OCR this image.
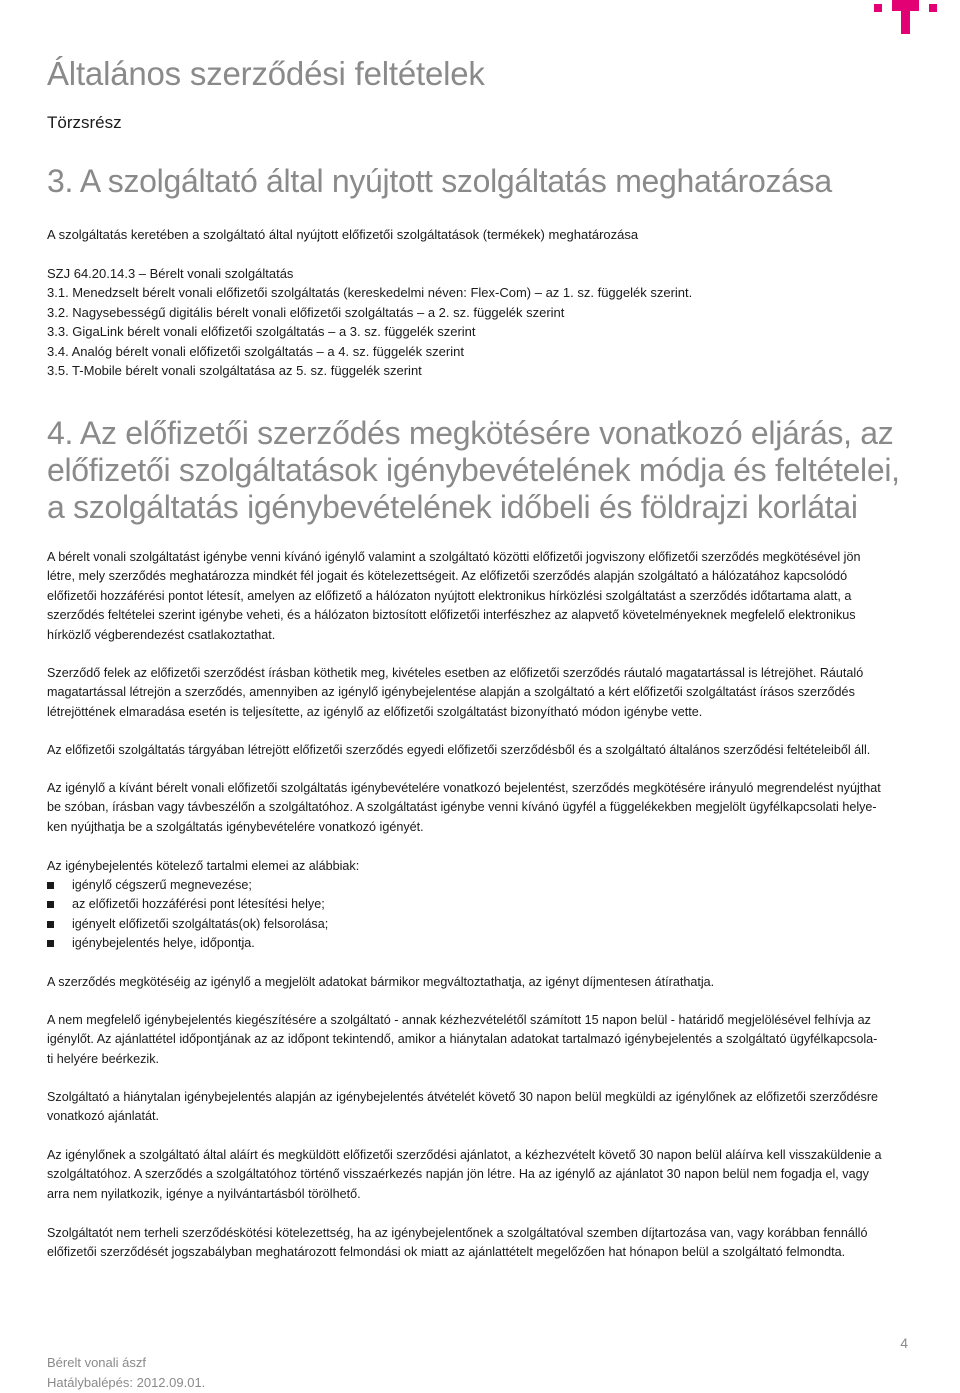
Általános szerződési feltételek
Törzsrész
3. A szolgáltató által nyújtott szolgáltatás meghatározása
A szolgáltatás keretében a szolgáltató által nyújtott előfizetői szolgáltatások (termékek) meghatározása
SZJ 64.20.14.3 – Bérelt vonali szolgáltatás
3.1. Menedzselt bérelt vonali előfizetői szolgáltatás (kereskedelmi néven: Flex-Com) – az 1. sz. függelék szerint.
3.2. Nagysebességű digitális bérelt vonali előfizetői szolgáltatás – a 2. sz. függelék szerint
3.3. GigaLink bérelt vonali előfizetői szolgáltatás – a 3. sz. függelék szerint
3.4. Analóg bérelt vonali előfizetői szolgáltatás – a 4. sz. függelék szerint
3.5. T-Mobile bérelt vonali szolgáltatása az 5. sz. függelék szerint
4. Az előfizetői szerződés megkötésére vonatkozó eljárás, az
előfizetői szolgáltatások igénybevételének módja és feltételei,
a szolgáltatás igénybevételének időbeli és földrajzi korlátai
A bérelt vonali szolgáltatást igénybe venni kívánó igénylő valamint a szolgáltató közötti előfizetői jogviszony előfizetői szerződés megkötésével jön
létre, mely szerződés meghatározza mindkét fél jogait és kötelezettségeit. Az előfizetői szerződés alapján szolgáltató a hálózatához kapcsolódó
előfizetői hozzáférési pontot létesít, amelyen az előfizető a hálózaton nyújtott elektronikus hírközlési szolgáltatást a szerződés időtartama alatt, a
szerződés feltételei szerint igénybe veheti, és a hálózaton biztosított előfizetői interfészhez az alapvető követelményeknek megfelelő elektronikus
hírközlő végberendezést csatlakoztathat.
Szerződő felek az előfizetői szerződést írásban köthetik meg, kivételes esetben az előfizetői szerződés ráutaló magatartással is létrejöhet. Ráutaló
magatartással létrejön a szerződés, amennyiben az igénylő igénybejelentése alapján a szolgáltató a kért előfizetői szolgáltatást írásos szerződés
létrejöttének elmaradása esetén is teljesítette, az igénylő az előfizetői szolgáltatást bizonyítható módon igénybe vette.
Az előfizetői szolgáltatás tárgyában létrejött előfizetői szerződés egyedi előfizetői szerződésből és a szolgáltató általános szerződési feltételeiből áll.
Az igénylő a kívánt bérelt vonali előfizetői szolgáltatás igénybevételére vonatkozó bejelentést, szerződés megkötésére irányuló megrendelést nyújthat
be szóban, írásban vagy távbeszélőn a szolgáltatóhoz. A szolgáltatást igénybe venni kívánó ügyfél a függelékekben megjelölt ügyfélkapcsolati helye-
ken nyújthatja be a szolgáltatás igénybevételére vonatkozó igényét.
Az igénybejelentés kötelező tartalmi elemei az alábbiak:
igénylő cégszerű megnevezése;
az előfizetői hozzáférési pont létesítési helye;
igényelt előfizetői szolgáltatás(ok) felsorolása;
igénybejelentés helye, időpontja.
A szerződés megkötéséig az igénylő a megjelölt adatokat bármikor megváltoztathatja, az igényt díjmentesen átírathatja.
A nem megfelelő igénybejelentés kiegészítésére a szolgáltató - annak kézhezvételétől számított 15 napon belül - határidő megjelölésével felhívja az
igénylőt. Az ajánlattétel időpontjának az az időpont tekintendő, amikor a hiánytalan adatokat tartalmazó igénybejelentés a szolgáltató ügyfélkapcsola-
ti helyére beérkezik.
Szolgáltató a hiánytalan igénybejelentés alapján az igénybejelentés átvételét követő 30 napon belül megküldi az igénylőnek az előfizetői szerződésre
vonatkozó ajánlatát.
Az igénylőnek a szolgáltató által aláírt és megküldött előfizetői szerződési ajánlatot, a kézhezvételt követő 30 napon belül aláírva kell visszaküldenie a
szolgáltatóhoz. A szerződés a szolgáltatóhoz történő visszaérkezés napján jön létre. Ha az igénylő az ajánlatot 30 napon belül nem fogadja el, vagy
arra nem nyilatkozik, igénye a nyilvántartásból törölhető.
Szolgáltatót nem terheli szerződéskötési kötelezettség, ha az igénybejelentőnek a szolgáltatóval szemben díjtartozása van, vagy korábban fennálló
előfizetői szerződését jogszabályban meghatározott felmondási ok miatt az ajánlattételt megelőzően hat hónapon belül a szolgáltató felmondta.
Bérelt vonali ászf
Hatálybalépés: 2012.09.01.
4
